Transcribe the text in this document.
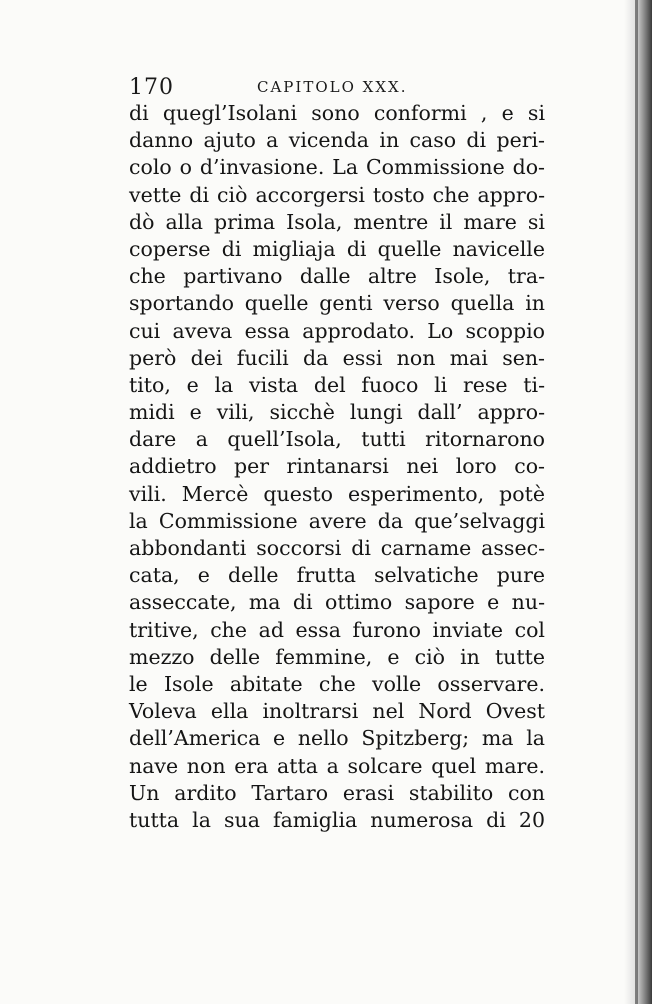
170	CAPITOLO XXX.
di quegl’Isolani sono conformi , e si
danno ajuto a vicenda in caso di peri-
colo o d’invasione. La Commissione do-
vette di ciò accorgersi tosto che appro-
dò alla prima Isola, mentre il mare si
coperse di migliaja di quelle navicelle
che partivano dalle altre Isole, tra-
sportando quelle genti verso quella in
cui aveva essa approdato. Lo scoppio
però dei fucili da essi non mai sen-
tito, e la vista del fuoco li rese ti-
midi e vili, sicchè lungi dall’ appro-
dare a quell’Isola, tutti ritornarono
addietro per rintanarsi nei loro co-
vili. Mercè questo esperimento, potè
la Commissione avere da que’selvaggi
abbondanti soccorsi di carname assec-
cata, e delle frutta selvatiche pure
asseccate, ma di ottimo sapore e nu-
tritive, che ad essa furono inviate col
mezzo delle femmine, e ciò in tutte
le Isole abitate che volle osservare.
Voleva ella inoltrarsi nel Nord Ovest
dell’America e nello Spitzberg; ma la
nave non era atta a solcare quel mare.
Un ardito Tartaro erasi stabilito con
tutta la sua famiglia numerosa di 20
